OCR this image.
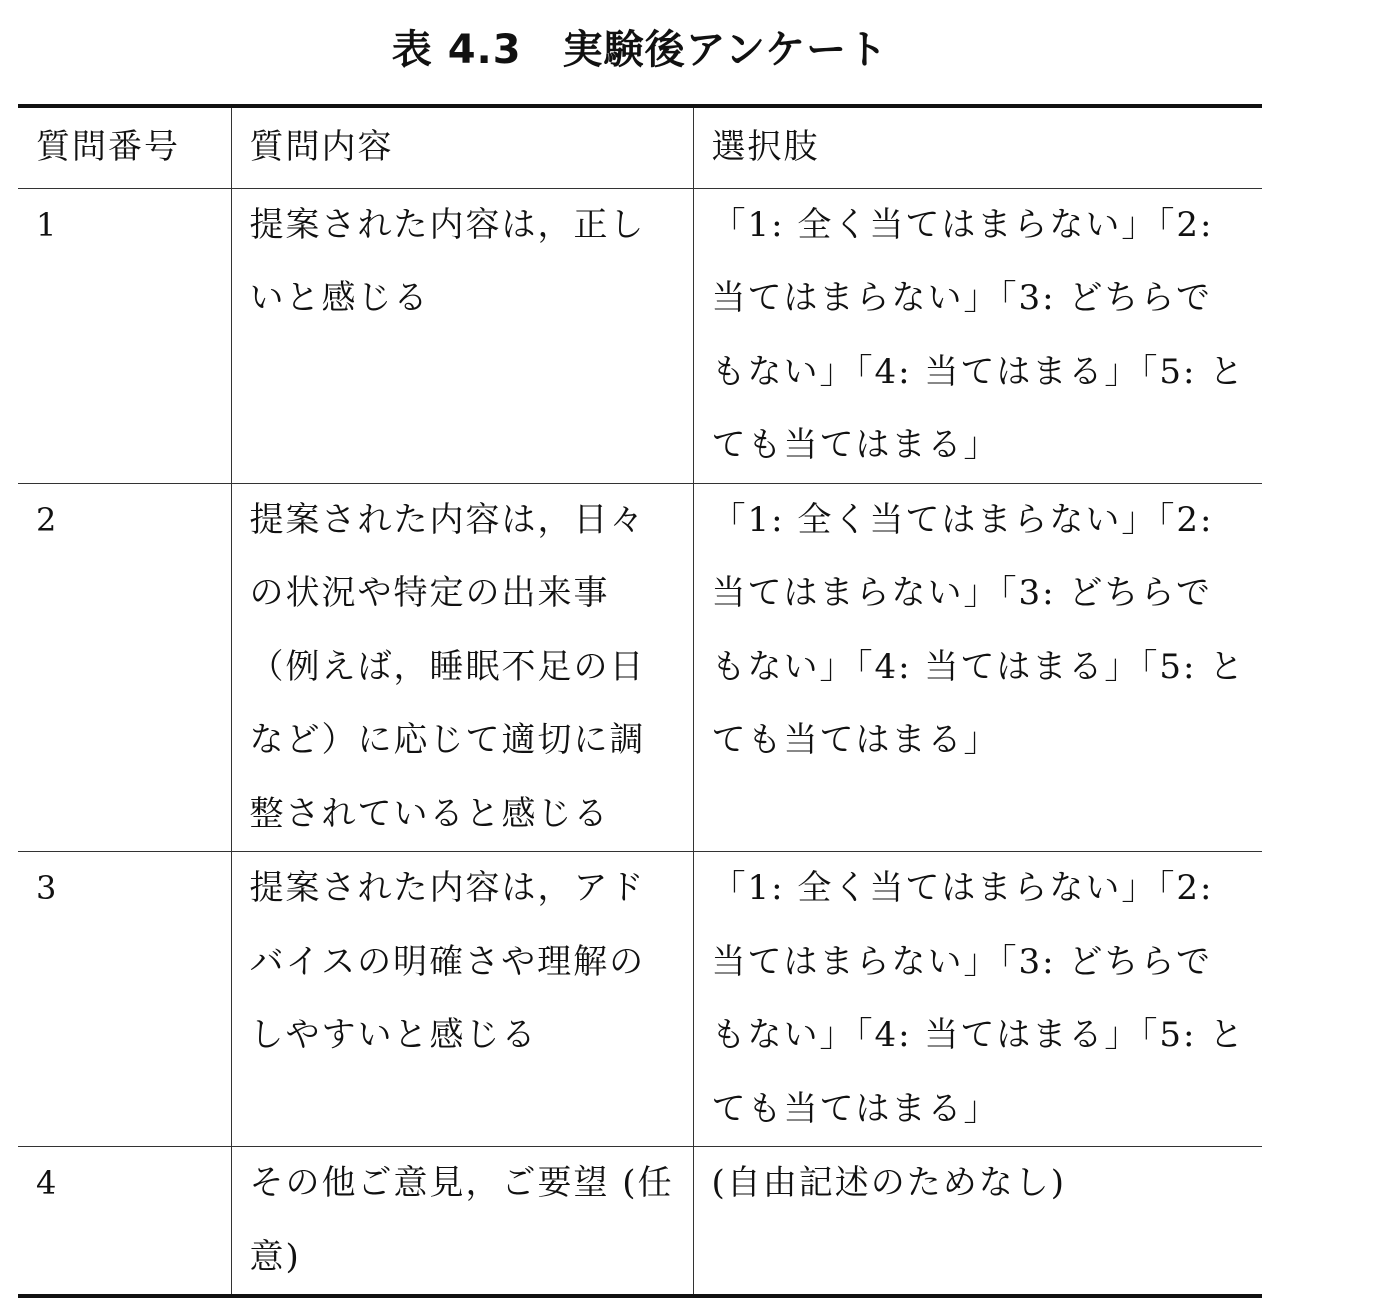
表 4.3　実験後アンケート
質問番号	質問内容	選択肢
1	提案された内容は，正しいと感じる	「1: 全く当てはまらない」「2: 当てはまらない」「3: どちらでもない」「4: 当てはまる」「5: とても当てはまる」
2	提案された内容は，日々の状況や特定の出来事（例えば，睡眠不足の日など）に応じて適切に調整されていると感じる	「1: 全く当てはまらない」「2: 当てはまらない」「3: どちらでもない」「4: 当てはまる」「5: とても当てはまる」
3	提案された内容は，アドバイスの明確さや理解のしやすいと感じる	「1: 全く当てはまらない」「2: 当てはまらない」「3: どちらでもない」「4: 当てはまる」「5: とても当てはまる」
4	その他ご意見，ご要望 (任意)	(自由記述のためなし)
